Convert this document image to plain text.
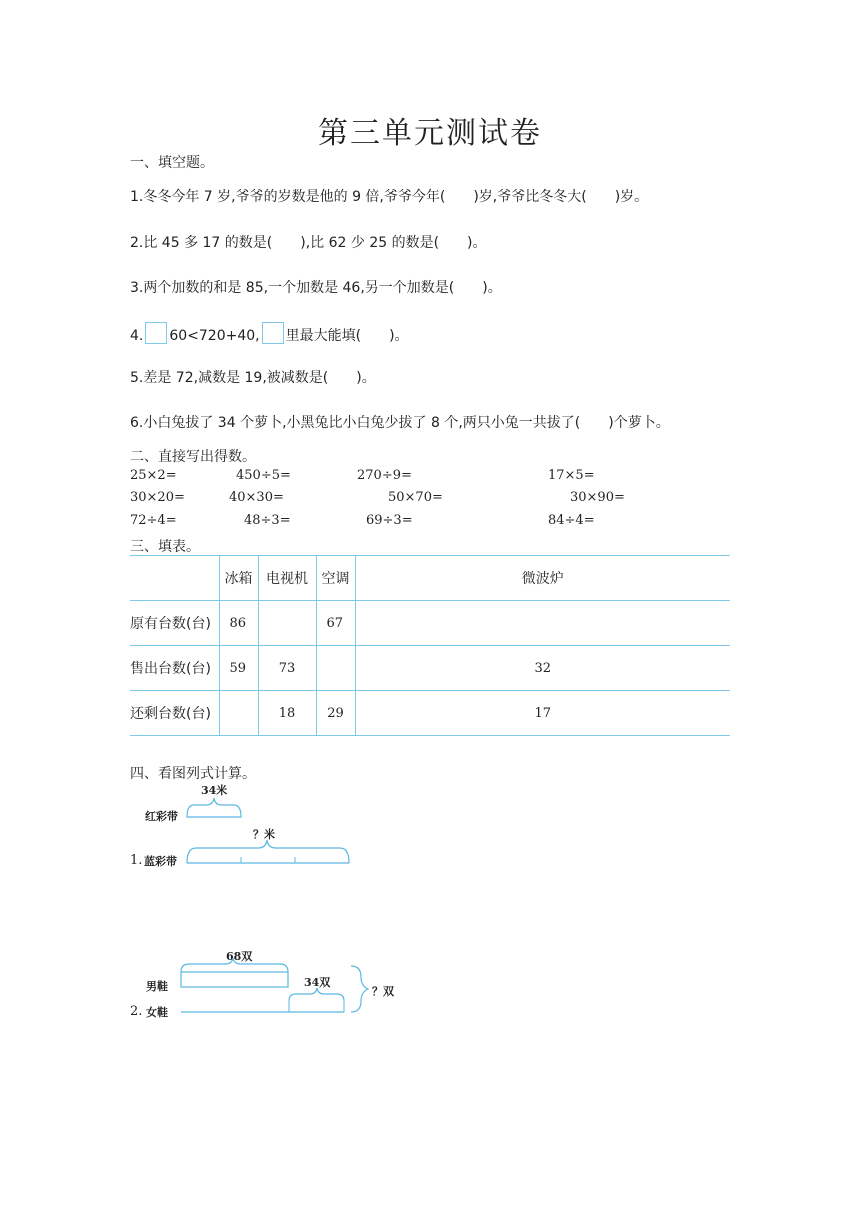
第三单元测试卷
一、填空题。
1.冬冬今年 7 岁,爷爷的岁数是他的 9 倍,爷爷今年(　　)岁,爷爷比冬冬大(　　)岁。
2.比 45 多 17 的数是(　　),比 62 少 25 的数是(　　)。
3.两个加数的和是 85,一个加数是 46,另一个加数是(　　)。
4. 60<720+40, 里最大能填(　　)。
5.差是 72,减数是 19,被减数是(　　)。
6.小白兔拔了 34 个萝卜,小黑兔比小白兔少拔了 8 个,两只小兔一共拔了(　　)个萝卜。
二、直接写出得数。
25×2=	450÷5=	270÷9=	17×5=
30×20=	40×30=	50×70=	30×90=
72÷4=	48÷3=	69÷3=	84÷4=
三、填表。
	冰箱	电视机	空调	微波炉
原有台数(台)	86		67	
售出台数(台)	59	73		32
还剩台数(台)		18	29	17
四、看图列式计算。
34米
红彩带
？米
1. 蓝彩带
68双
男鞋	34双
？双
2. 女鞋
